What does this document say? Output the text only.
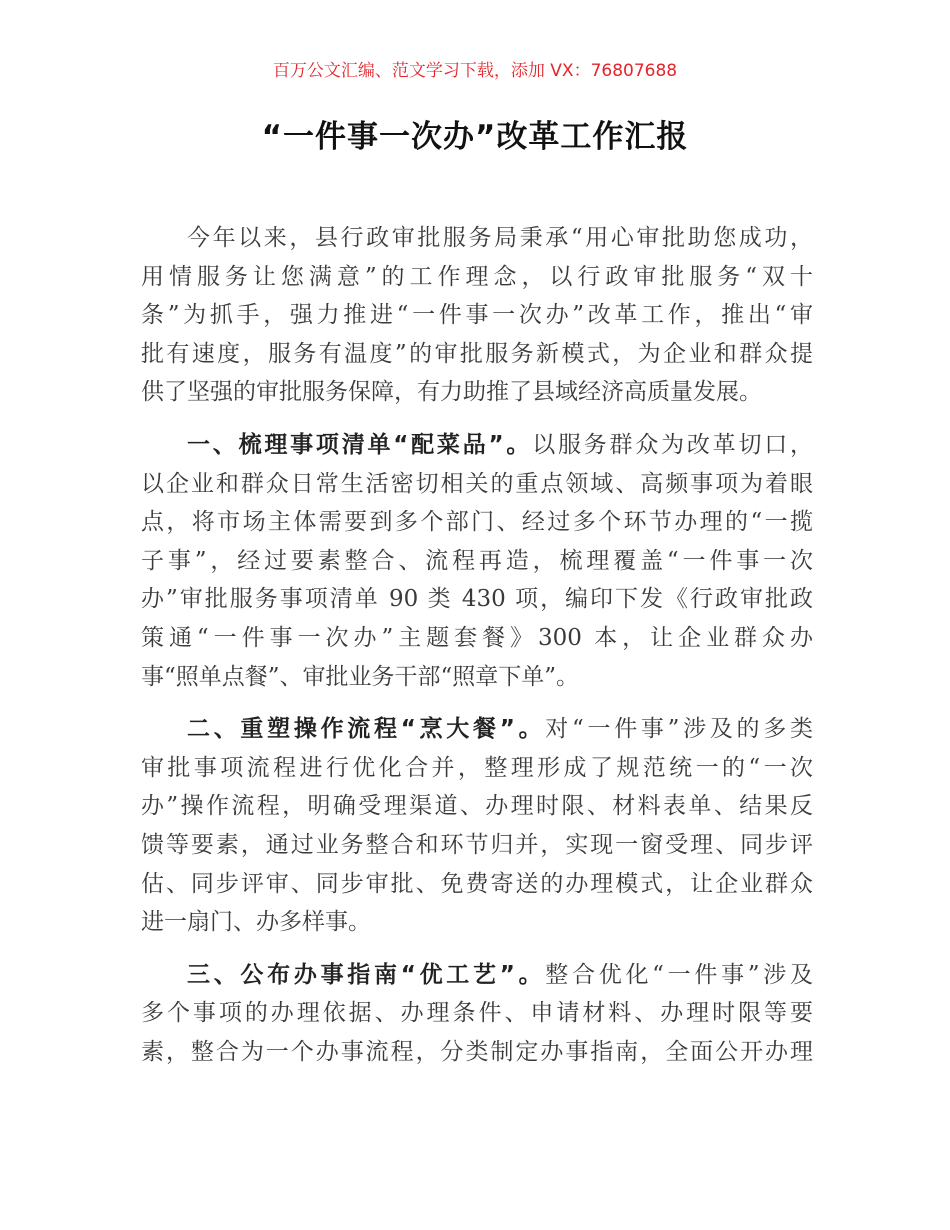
百万公文汇编、范文学习下载，添加 VX：76807688
“一件事一次办”改革工作汇报
今年以来，县行政审批服务局秉承“用心审批助您成功，
用情服务让您满意”的工作理念，以行政审批服务“双十
条”为抓手，强力推进“一件事一次办”改革工作，推出“审
批有速度，服务有温度”的审批服务新模式，为企业和群众提
供了坚强的审批服务保障，有力助推了县域经济高质量发展。
一、梳理事项清单“配菜品”。以服务群众为改革切口，
以企业和群众日常生活密切相关的重点领域、高频事项为着眼
点，将市场主体需要到多个部门、经过多个环节办理的“一揽
子事”，经过要素整合、流程再造，梳理覆盖“一件事一次
办”审批服务事项清单 90 类 430 项，编印下发《行政审批政
策通“一件事一次办”主题套餐》300 本，让企业群众办
事“照单点餐”、审批业务干部“照章下单”。
二、重塑操作流程“烹大餐”。对“一件事”涉及的多类
审批事项流程进行优化合并，整理形成了规范统一的“一次
办”操作流程，明确受理渠道、办理时限、材料表单、结果反
馈等要素，通过业务整合和环节归并，实现一窗受理、同步评
估、同步评审、同步审批、免费寄送的办理模式，让企业群众
进一扇门、办多样事。
三、公布办事指南“优工艺”。整合优化“一件事”涉及
多个事项的办理依据、办理条件、申请材料、办理时限等要
素，整合为一个办事流程，分类制定办事指南，全面公开办理
